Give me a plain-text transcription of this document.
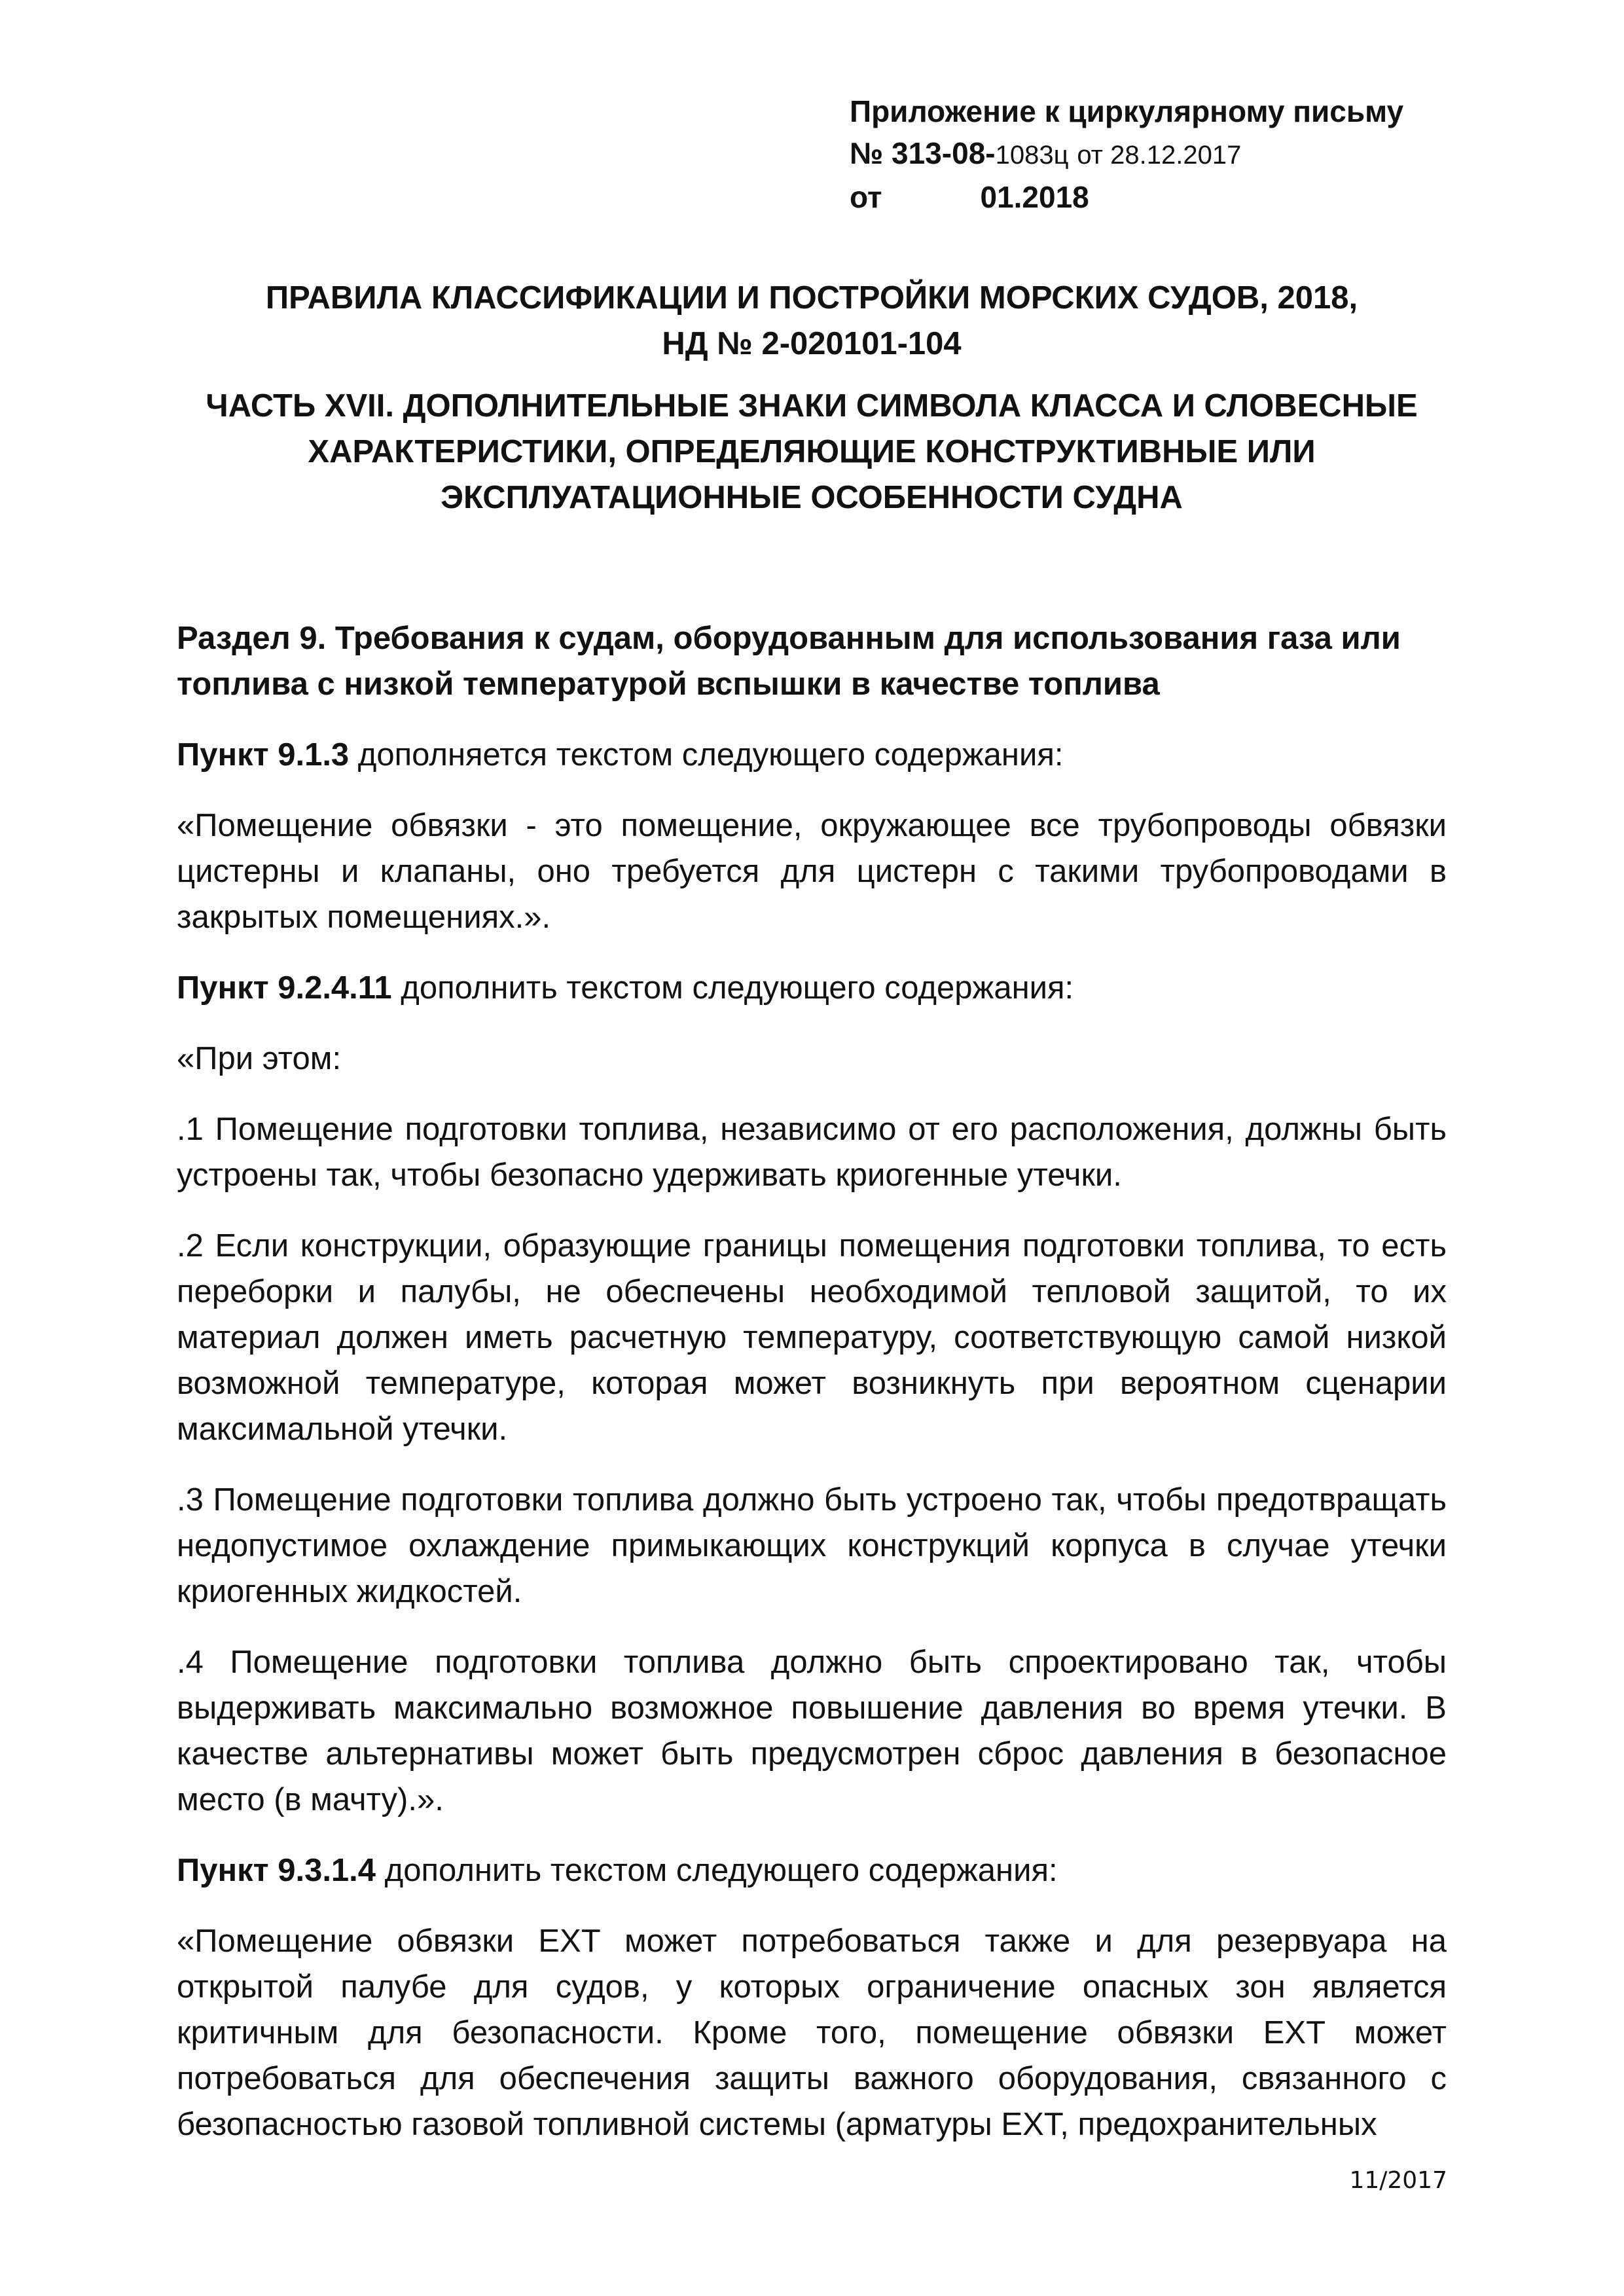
Приложение к циркулярному письму
№ 313-08-1083ц от 28.12.2017
от	01.2018
ПРАВИЛА КЛАССИФИКАЦИИ И ПОСТРОЙКИ МОРСКИХ СУДОВ, 2018,
НД № 2-020101-104
ЧАСТЬ XVII. ДОПОЛНИТЕЛЬНЫЕ ЗНАКИ СИМВОЛА КЛАССА И СЛОВЕСНЫЕ
ХАРАКТЕРИСТИКИ, ОПРЕДЕЛЯЮЩИЕ КОНСТРУКТИВНЫЕ ИЛИ
ЭКСПЛУАТАЦИОННЫЕ ОСОБЕННОСТИ СУДНА

Раздел 9. Требования к судам, оборудованным для использования газа или
топлива с низкой температурой вспышки в качестве топлива

Пункт 9.1.3 дополняется текстом следующего содержания:

«Помещение обвязки - это помещение, окружающее все трубопроводы обвязки цистерны и клапаны, оно требуется для цистерн с такими трубопроводами в закрытых помещениях.».

Пункт 9.2.4.11 дополнить текстом следующего содержания:

«При этом:

.1 Помещение подготовки топлива, независимо от его расположения, должны быть устроены так, чтобы безопасно удерживать криогенные утечки.

.2 Если конструкции, образующие границы помещения подготовки топлива, то есть переборки и палубы, не обеспечены необходимой тепловой защитой, то их материал должен иметь расчетную температуру, соответствующую самой низкой возможной температуре, которая может возникнуть при вероятном сценарии максимальной утечки.

.3 Помещение подготовки топлива должно быть устроено так, чтобы предотвращать недопустимое охлаждение примыкающих конструкций корпуса в случае утечки криогенных жидкостей.

.4 Помещение подготовки топлива должно быть спроектировано так, чтобы выдерживать максимально возможное повышение давления во время утечки. В качестве альтернативы может быть предусмотрен сброс давления в безопасное место (в мачту).».

Пункт 9.3.1.4 дополнить текстом следующего содержания:

«Помещение обвязки EXT может потребоваться также и для резервуара на открытой палубе для судов, у которых ограничение опасных зон является критичным для безопасности. Кроме того, помещение обвязки EXT может потребоваться для обеспечения защиты важного оборудования, связанного с безопасностью газовой топливной системы (арматуры EXT, предохранительных

11/2017
